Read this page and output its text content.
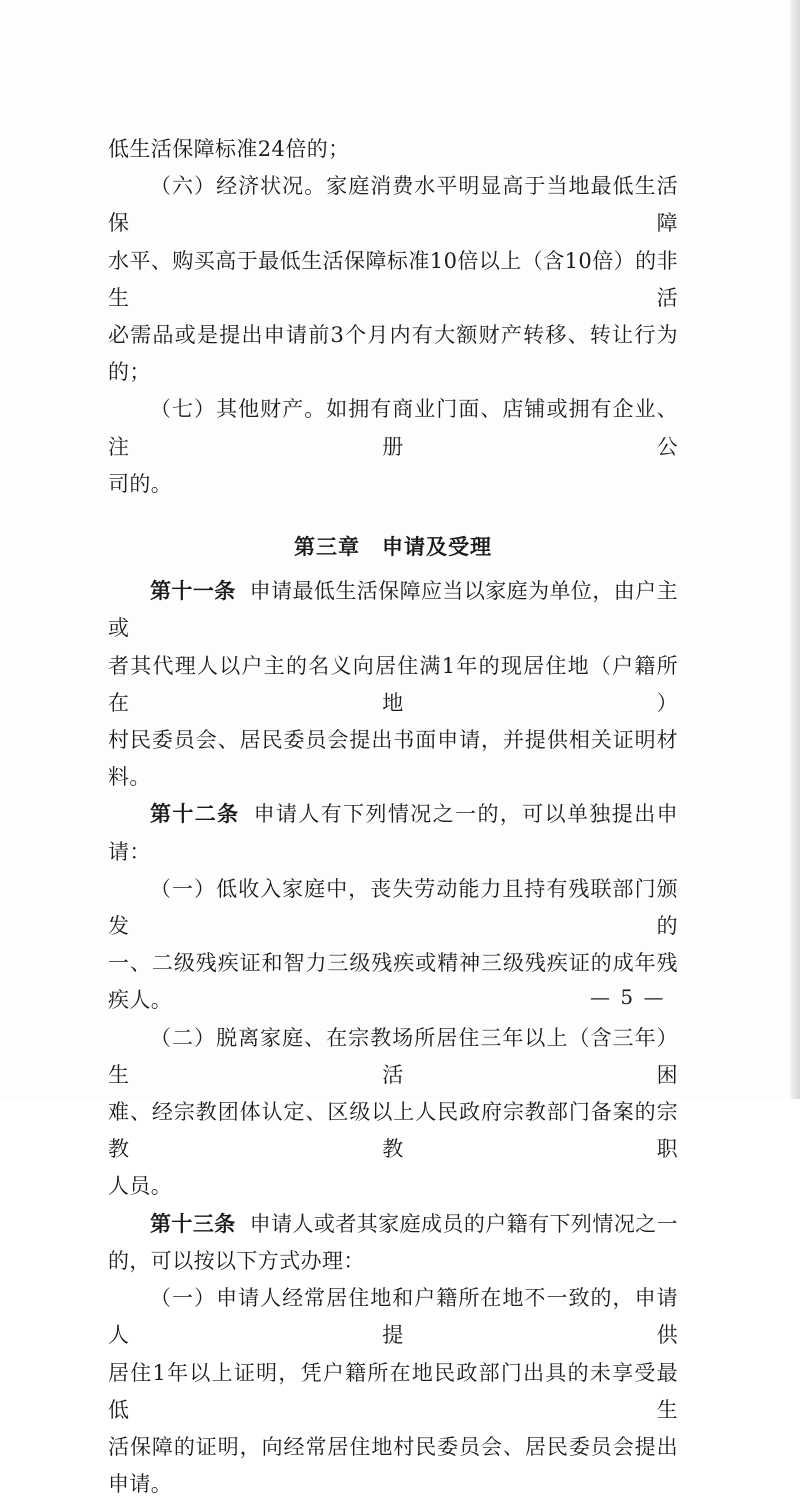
低生活保障标准24倍的；

（六）经济状况。家庭消费水平明显高于当地最低生活保障

水平、购买高于最低生活保障标准10倍以上（含10倍）的非生活

必需品或是提出申请前3个月内有大额财产转移、转让行为的；

（七）其他财产。如拥有商业门面、店铺或拥有企业、注册公

司的。

第三章 申请及受理

第十一条 申请最低生活保障应当以家庭为单位，由户主或

者其代理人以户主的名义向居住满1年的现居住地（户籍所在地）

村民委员会、居民委员会提出书面申请，并提供相关证明材料。

第十二条 申请人有下列情况之一的，可以单独提出申请：

（一）低收入家庭中，丧失劳动能力且持有残联部门颁发的

一、二级残疾证和智力三级残疾或精神三级残疾证的成年残疾人。

（二）脱离家庭、在宗教场所居住三年以上（含三年）生活困

难、经宗教团体认定、区级以上人民政府宗教部门备案的宗教教职

人员。

第十三条 申请人或者其家庭成员的户籍有下列情况之一

的，可以按以下方式办理：

（一）申请人经常居住地和户籍所在地不一致的，申请人提供

居住1年以上证明，凭户籍所在地民政部门出具的未享受最低生

活保障的证明，向经常居住地村民委员会、居民委员会提出申请。

— 5 —
